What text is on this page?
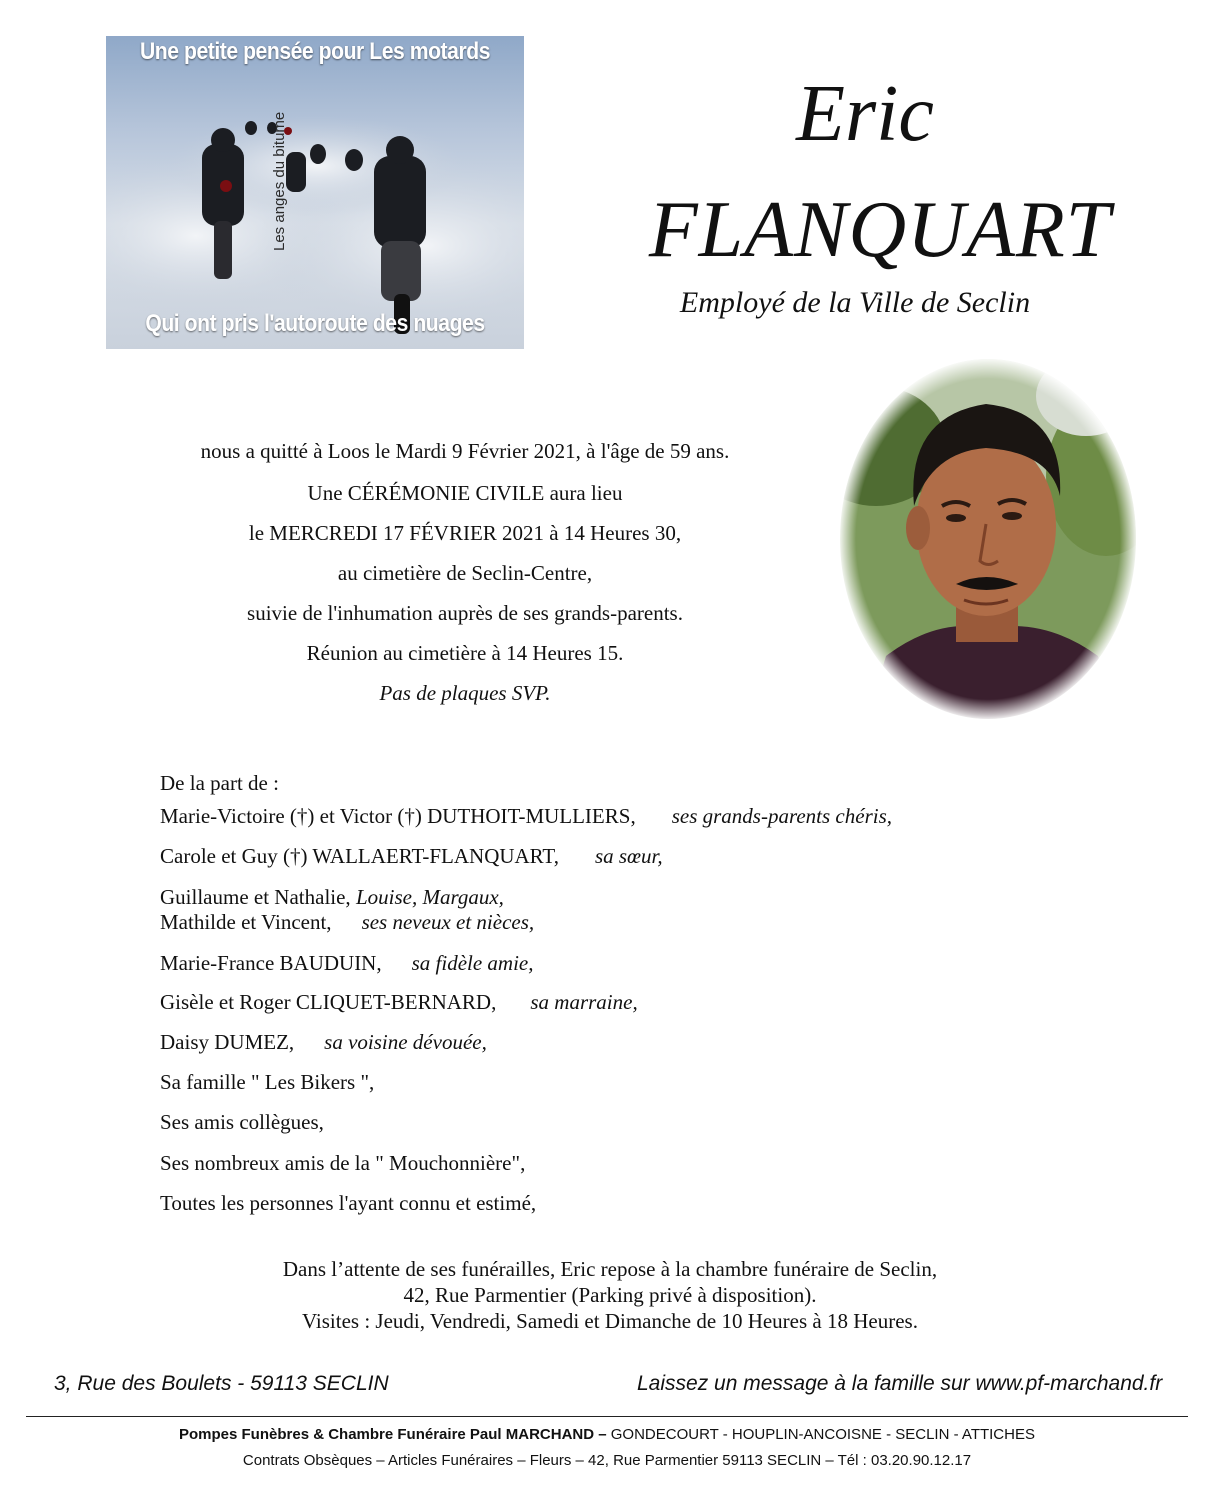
Les anges du bitume
Une petite pensée pour Les motards
Qui ont pris l'autoroute des nuages
Eric
FLANQUART
Employé de la Ville de Seclin
nous a quitté à Loos le Mardi 9 Février 2021, à l'âge de 59 ans.
Une CÉRÉMONIE CIVILE aura lieu
le MERCREDI 17 FÉVRIER 2021 à 14 Heures 30,
au cimetière de Seclin-Centre,
suivie de l'inhumation auprès de ses grands-parents.
Réunion au cimetière à 14 Heures 15.
Pas de plaques SVP.
De la part de :
Marie-Victoire (†) et Victor (†) DUTHOIT-MULLIERS, ses grands-parents chéris,
Carole et Guy (†) WALLAERT-FLANQUART, sa sœur,
Guillaume et Nathalie, Louise, Margaux,
Mathilde et Vincent, ses neveux et nièces,
Marie-France BAUDUIN, sa fidèle amie,
Gisèle et Roger CLIQUET-BERNARD, sa marraine,
Daisy DUMEZ, sa voisine dévouée,
Sa famille " Les Bikers ",
Ses amis collègues,
Ses nombreux amis de la " Mouchonnière",
Toutes les personnes l'ayant connu et estimé,
Dans l’attente de ses funérailles, Eric repose à la chambre funéraire de Seclin,
42, Rue Parmentier (Parking privé à disposition).
Visites : Jeudi, Vendredi, Samedi et Dimanche de 10 Heures à 18 Heures.
3, Rue des Boulets - 59113 SECLIN	Laissez un message à la famille sur www.pf-marchand.fr
Pompes Funèbres & Chambre Funéraire Paul MARCHAND – GONDECOURT - HOUPLIN-ANCOISNE - SECLIN - ATTICHES
Contrats Obsèques – Articles Funéraires – Fleurs – 42, Rue Parmentier 59113 SECLIN – Tél : 03.20.90.12.17
